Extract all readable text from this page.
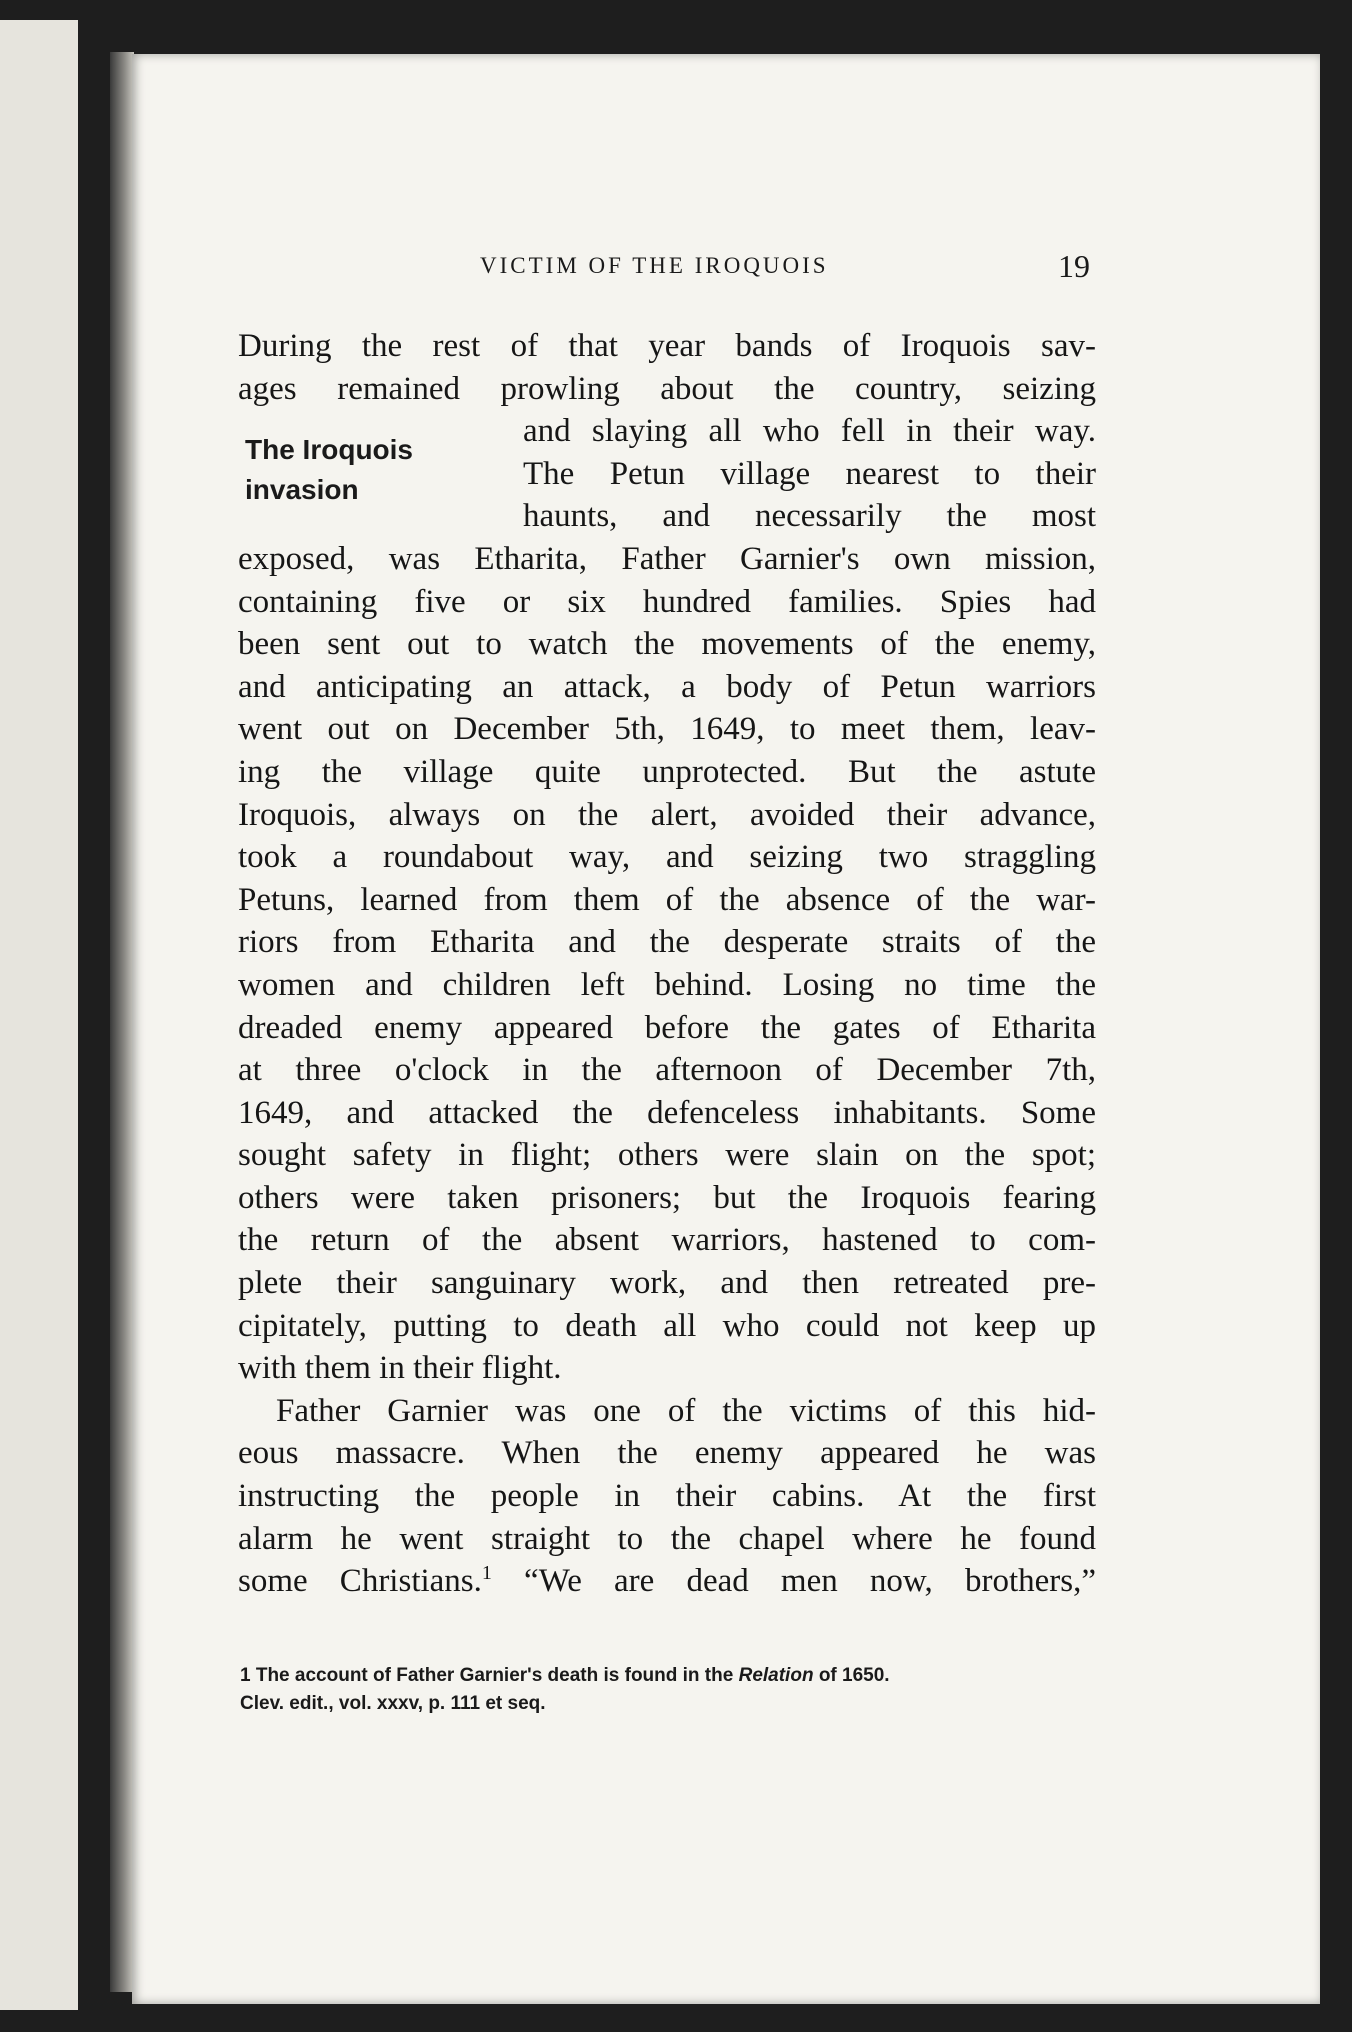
VICTIM OF THE IROQUOIS	19
The Iroquois
invasion
During the rest of that year bands of Iroquois sav-
ages remained prowling about the country, seizing
and slaying all who fell in their way.
The Petun village nearest to their
haunts, and necessarily the most
exposed, was Etharita, Father Garnier's own mission,
containing five or six hundred families. Spies had
been sent out to watch the movements of the enemy,
and anticipating an attack, a body of Petun warriors
went out on December 5th, 1649, to meet them, leav-
ing the village quite unprotected. But the astute
Iroquois, always on the alert, avoided their advance,
took a roundabout way, and seizing two straggling
Petuns, learned from them of the absence of the war-
riors from Etharita and the desperate straits of the
women and children left behind. Losing no time the
dreaded enemy appeared before the gates of Etharita
at three o'clock in the afternoon of December 7th,
1649, and attacked the defenceless inhabitants. Some
sought safety in flight; others were slain on the spot;
others were taken prisoners; but the Iroquois fearing
the return of the absent warriors, hastened to com-
plete their sanguinary work, and then retreated pre-
cipitately, putting to death all who could not keep up
with them in their flight.
Father Garnier was one of the victims of this hid-
eous massacre. When the enemy appeared he was
instructing the people in their cabins. At the first
alarm he went straight to the chapel where he found
some Christians.$^1$ “We are dead men now, brothers,”
1 The account of Father Garnier's death is found in the Relation of 1650.
Clev. edit., vol. xxxv, p. 111 et seq.
